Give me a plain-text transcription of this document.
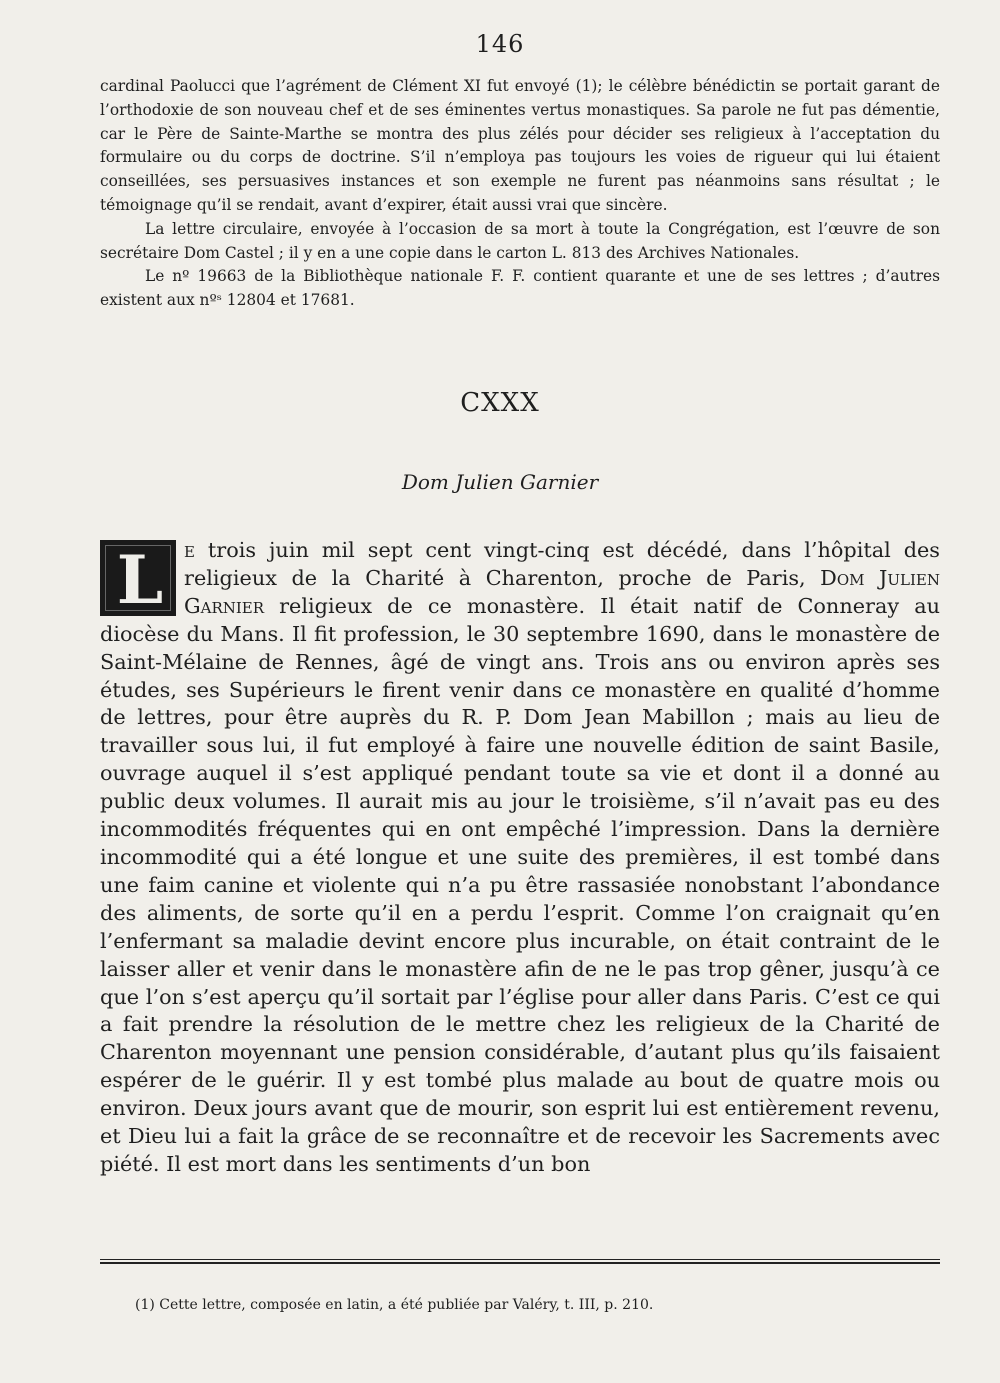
146

cardinal Paolucci que l’agrément de Clément XI fut envoyé (1); le célèbre bénédictin se portait garant de l’orthodoxie de son nouveau chef et de ses éminentes vertus monastiques. Sa parole ne fut pas démentie, car le Père de Sainte-Marthe se montra des plus zélés pour décider ses religieux à l’acceptation du formulaire ou du corps de doctrine. S’il n’employa pas toujours les voies de rigueur qui lui étaient conseillées, ses persuasives instances et son exemple ne furent pas néanmoins sans résultat ; le témoignage qu’il se rendait, avant d’expirer, était aussi vrai que sincère.

La lettre circulaire, envoyée à l’occasion de sa mort à toute la Congrégation, est l’œuvre de son secrétaire Dom Castel ; il y en a une copie dans le carton L. 813 des Archives Nationales.

Le nº 19663 de la Bibliothèque nationale F. F. contient quarante et une de ses lettres ; d’autres existent aux nºˢ 12804 et 17681.

CXXX
Dom Julien Garnier
L e trois juin mil sept cent vingt-cinq est décédé, dans l’hôpital des religieux de la Charité à Charenton, proche de Paris, Dom Julien Garnier religieux de ce monastère. Il était natif de Conneray au diocèse du Mans. Il fit profession, le 30 septembre 1690, dans le monastère de Saint-Mélaine de Rennes, âgé de vingt ans. Trois ans ou environ après ses études, ses Supérieurs le firent venir dans ce monastère en qualité d’homme de lettres, pour être auprès du R. P. Dom Jean Mabillon ; mais au lieu de travailler sous lui, il fut employé à faire une nouvelle édition de saint Basile, ouvrage auquel il s’est appliqué pendant toute sa vie et dont il a donné au public deux volumes. Il aurait mis au jour le troisième, s’il n’avait pas eu des incommodités fréquentes qui en ont empêché l’impression. Dans la dernière incommodité qui a été longue et une suite des premières, il est tombé dans une faim canine et violente qui n’a pu être rassasiée nonobstant l’abondance des aliments, de sorte qu’il en a perdu l’esprit. Comme l’on craignait qu’en l’enfermant sa maladie devint encore plus incurable, on était contraint de le laisser aller et venir dans le monastère afin de ne le pas trop gêner, jusqu’à ce que l’on s’est aperçu qu’il sortait par l’église pour aller dans Paris. C’est ce qui a fait prendre la résolution de le mettre chez les religieux de la Charité de Charenton moyennant une pension considérable, d’autant plus qu’ils faisaient espérer de le guérir. Il y est tombé plus malade au bout de quatre mois ou environ. Deux jours avant que de mourir, son esprit lui est entièrement revenu, et Dieu lui a fait la grâce de se reconnaître et de recevoir les Sacrements avec piété. Il est mort dans les sentiments d’un bon
(1) Cette lettre, composée en latin, a été publiée par Valéry, t. III, p. 210.
